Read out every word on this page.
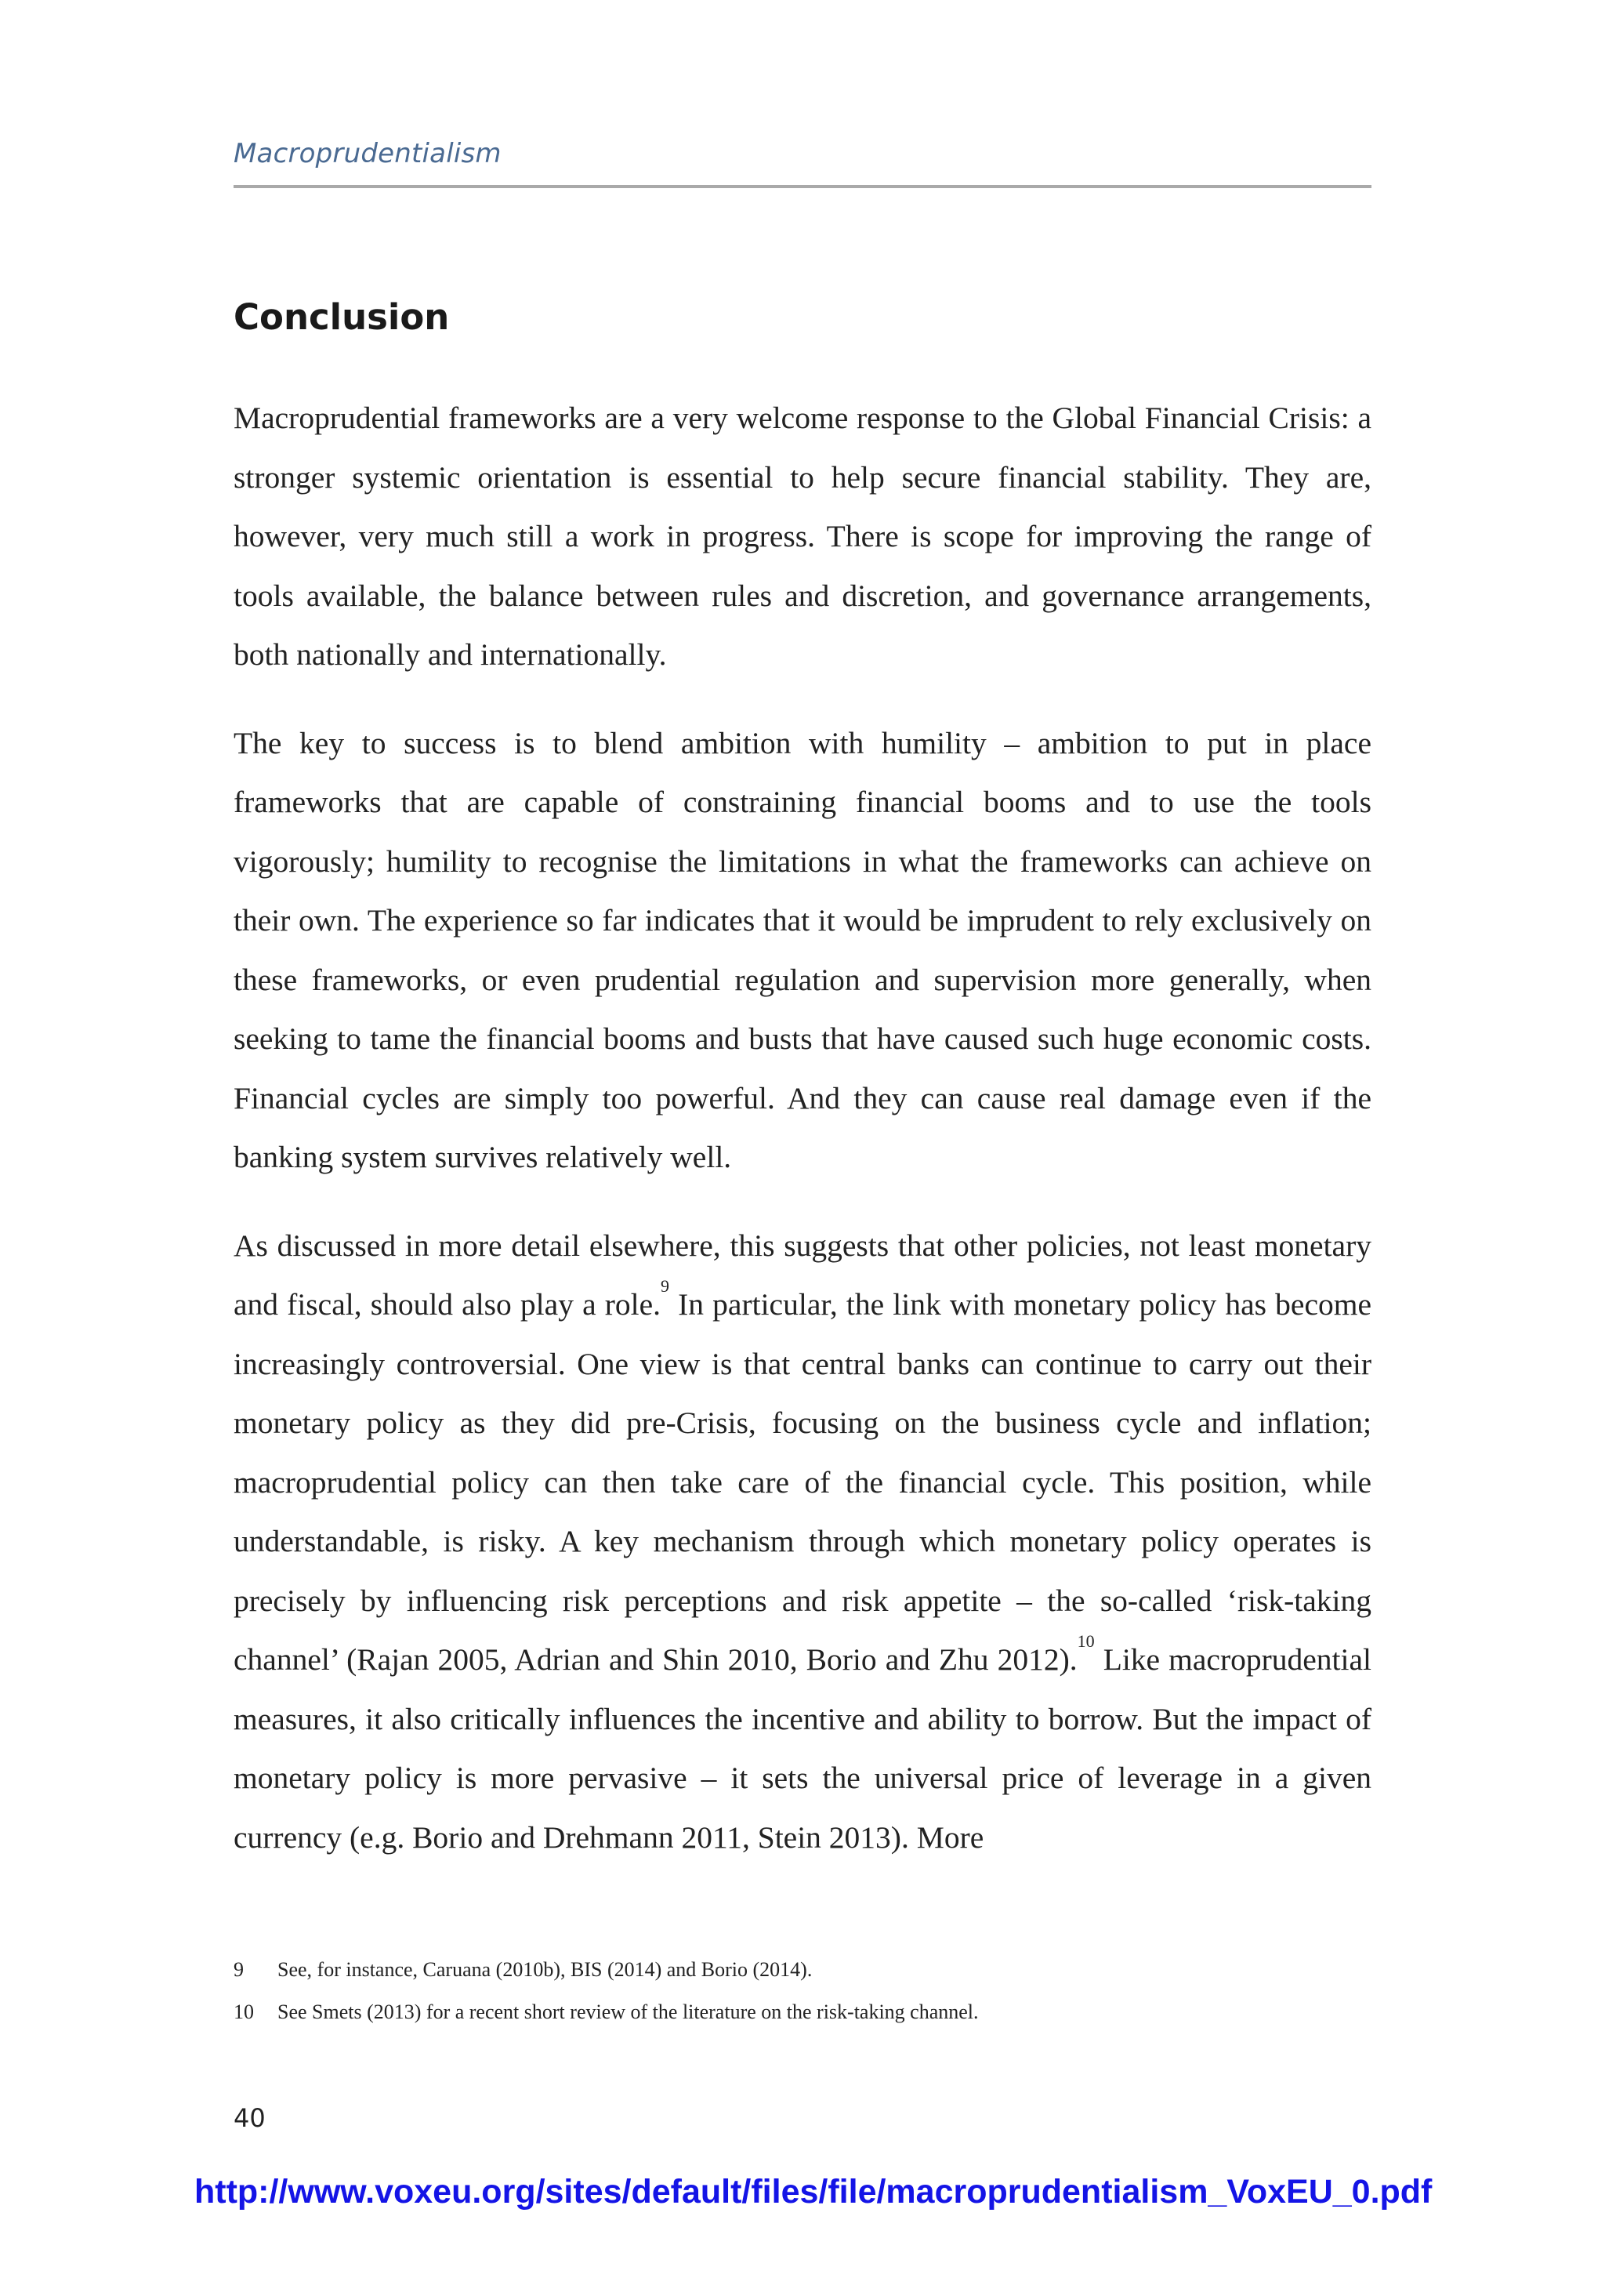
Macroprudentialism
Conclusion

Macroprudential frameworks are a very welcome response to the Global Financial Crisis: a stronger systemic orientation is essential to help secure financial stability. They are, however, very much still a work in progress. There is scope for improving the range of tools available, the balance between rules and discretion, and governance arrangements, both nationally and internationally.

The key to success is to blend ambition with humility – ambition to put in place frameworks that are capable of constraining financial booms and to use the tools vigorously; humility to recognise the limitations in what the frameworks can achieve on their own. The experience so far indicates that it would be imprudent to rely exclusively on these frameworks, or even prudential regulation and supervision more generally, when seeking to tame the financial booms and busts that have caused such huge economic costs. Financial cycles are simply too powerful. And they can cause real damage even if the banking system survives relatively well.

As discussed in more detail elsewhere, this suggests that other policies, not least monetary and fiscal, should also play a role.$^9$ In particular, the link with monetary policy has become increasingly controversial. One view is that central banks can continue to carry out their monetary policy as they did pre-Crisis, focusing on the business cycle and inflation; macroprudential policy can then take care of the financial cycle. This position, while understandable, is risky. A key mechanism through which monetary policy operates is precisely by influencing risk perceptions and risk appetite – the so-called ‘risk-taking channel’ (Rajan 2005, Adrian and Shin 2010, Borio and Zhu 2012).$^{10}$ Like macroprudential measures, it also critically influences the incentive and ability to borrow. But the impact of monetary policy is more pervasive – it sets the universal price of leverage in a given currency (e.g. Borio and Drehmann 2011, Stein 2013). More

9	See, for instance, Caruana (2010b), BIS (2014) and Borio (2014).
10	See Smets (2013) for a recent short review of the literature on the risk-taking channel.
40
http://www.voxeu.org/sites/default/files/file/macroprudentialism_VoxEU_0.pdf
